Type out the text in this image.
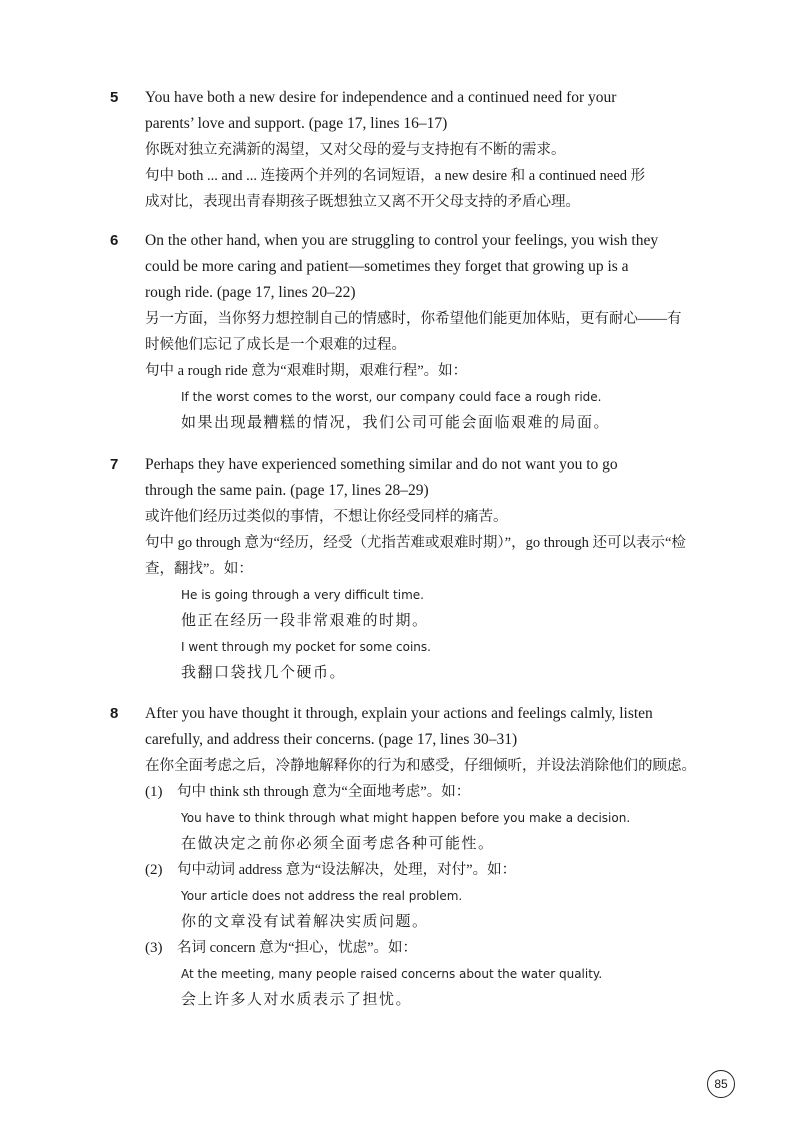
5 You have both a new desire for independence and a continued need for your
parents’ love and support. (page 17, lines 16–17)
你既对独立充满新的渴望，又对父母的爱与支持抱有不断的需求。
句中 both ... and ... 连接两个并列的名词短语，a new desire 和 a continued need 形
成对比，表现出青春期孩子既想独立又离不开父母支持的矛盾心理。
6 On the other hand, when you are struggling to control your feelings, you wish they
could be more caring and patient—sometimes they forget that growing up is a
rough ride. (page 17, lines 20–22)
另一方面，当你努力想控制自己的情感时，你希望他们能更加体贴，更有耐心——有
时候他们忘记了成长是一个艰难的过程。
句中 a rough ride 意为“艰难时期，艰难行程”。如：
If the worst comes to the worst, our company could face a rough ride.
如果出现最糟糕的情况，我们公司可能会面临艰难的局面。
7 Perhaps they have experienced something similar and do not want you to go
through the same pain. (page 17, lines 28–29)
或许他们经历过类似的事情，不想让你经受同样的痛苦。
句中 go through 意为“经历，经受（尤指苦难或艰难时期）”，go through 还可以表示“检
查，翻找”。如：
He is going through a very difficult time.
他正在经历一段非常艰难的时期。
I went through my pocket for some coins.
我翻口袋找几个硬币。
8 After you have thought it through, explain your actions and feelings calmly, listen
carefully, and address their concerns. (page 17, lines 30–31)
在你全面考虑之后，冷静地解释你的行为和感受，仔细倾听，并设法消除他们的顾虑。
(1)	句中 think sth through 意为“全面地考虑”。如：
You have to think through what might happen before you make a decision.
在做决定之前你必须全面考虑各种可能性。
(2)	句中动词 address 意为“设法解决，处理，对付”。如：
Your article does not address the real problem.
你的文章没有试着解决实质问题。
(3)	名词 concern 意为“担心，忧虑”。如：
At the meeting, many people raised concerns about the water quality.
会上许多人对水质表示了担忧。
85
